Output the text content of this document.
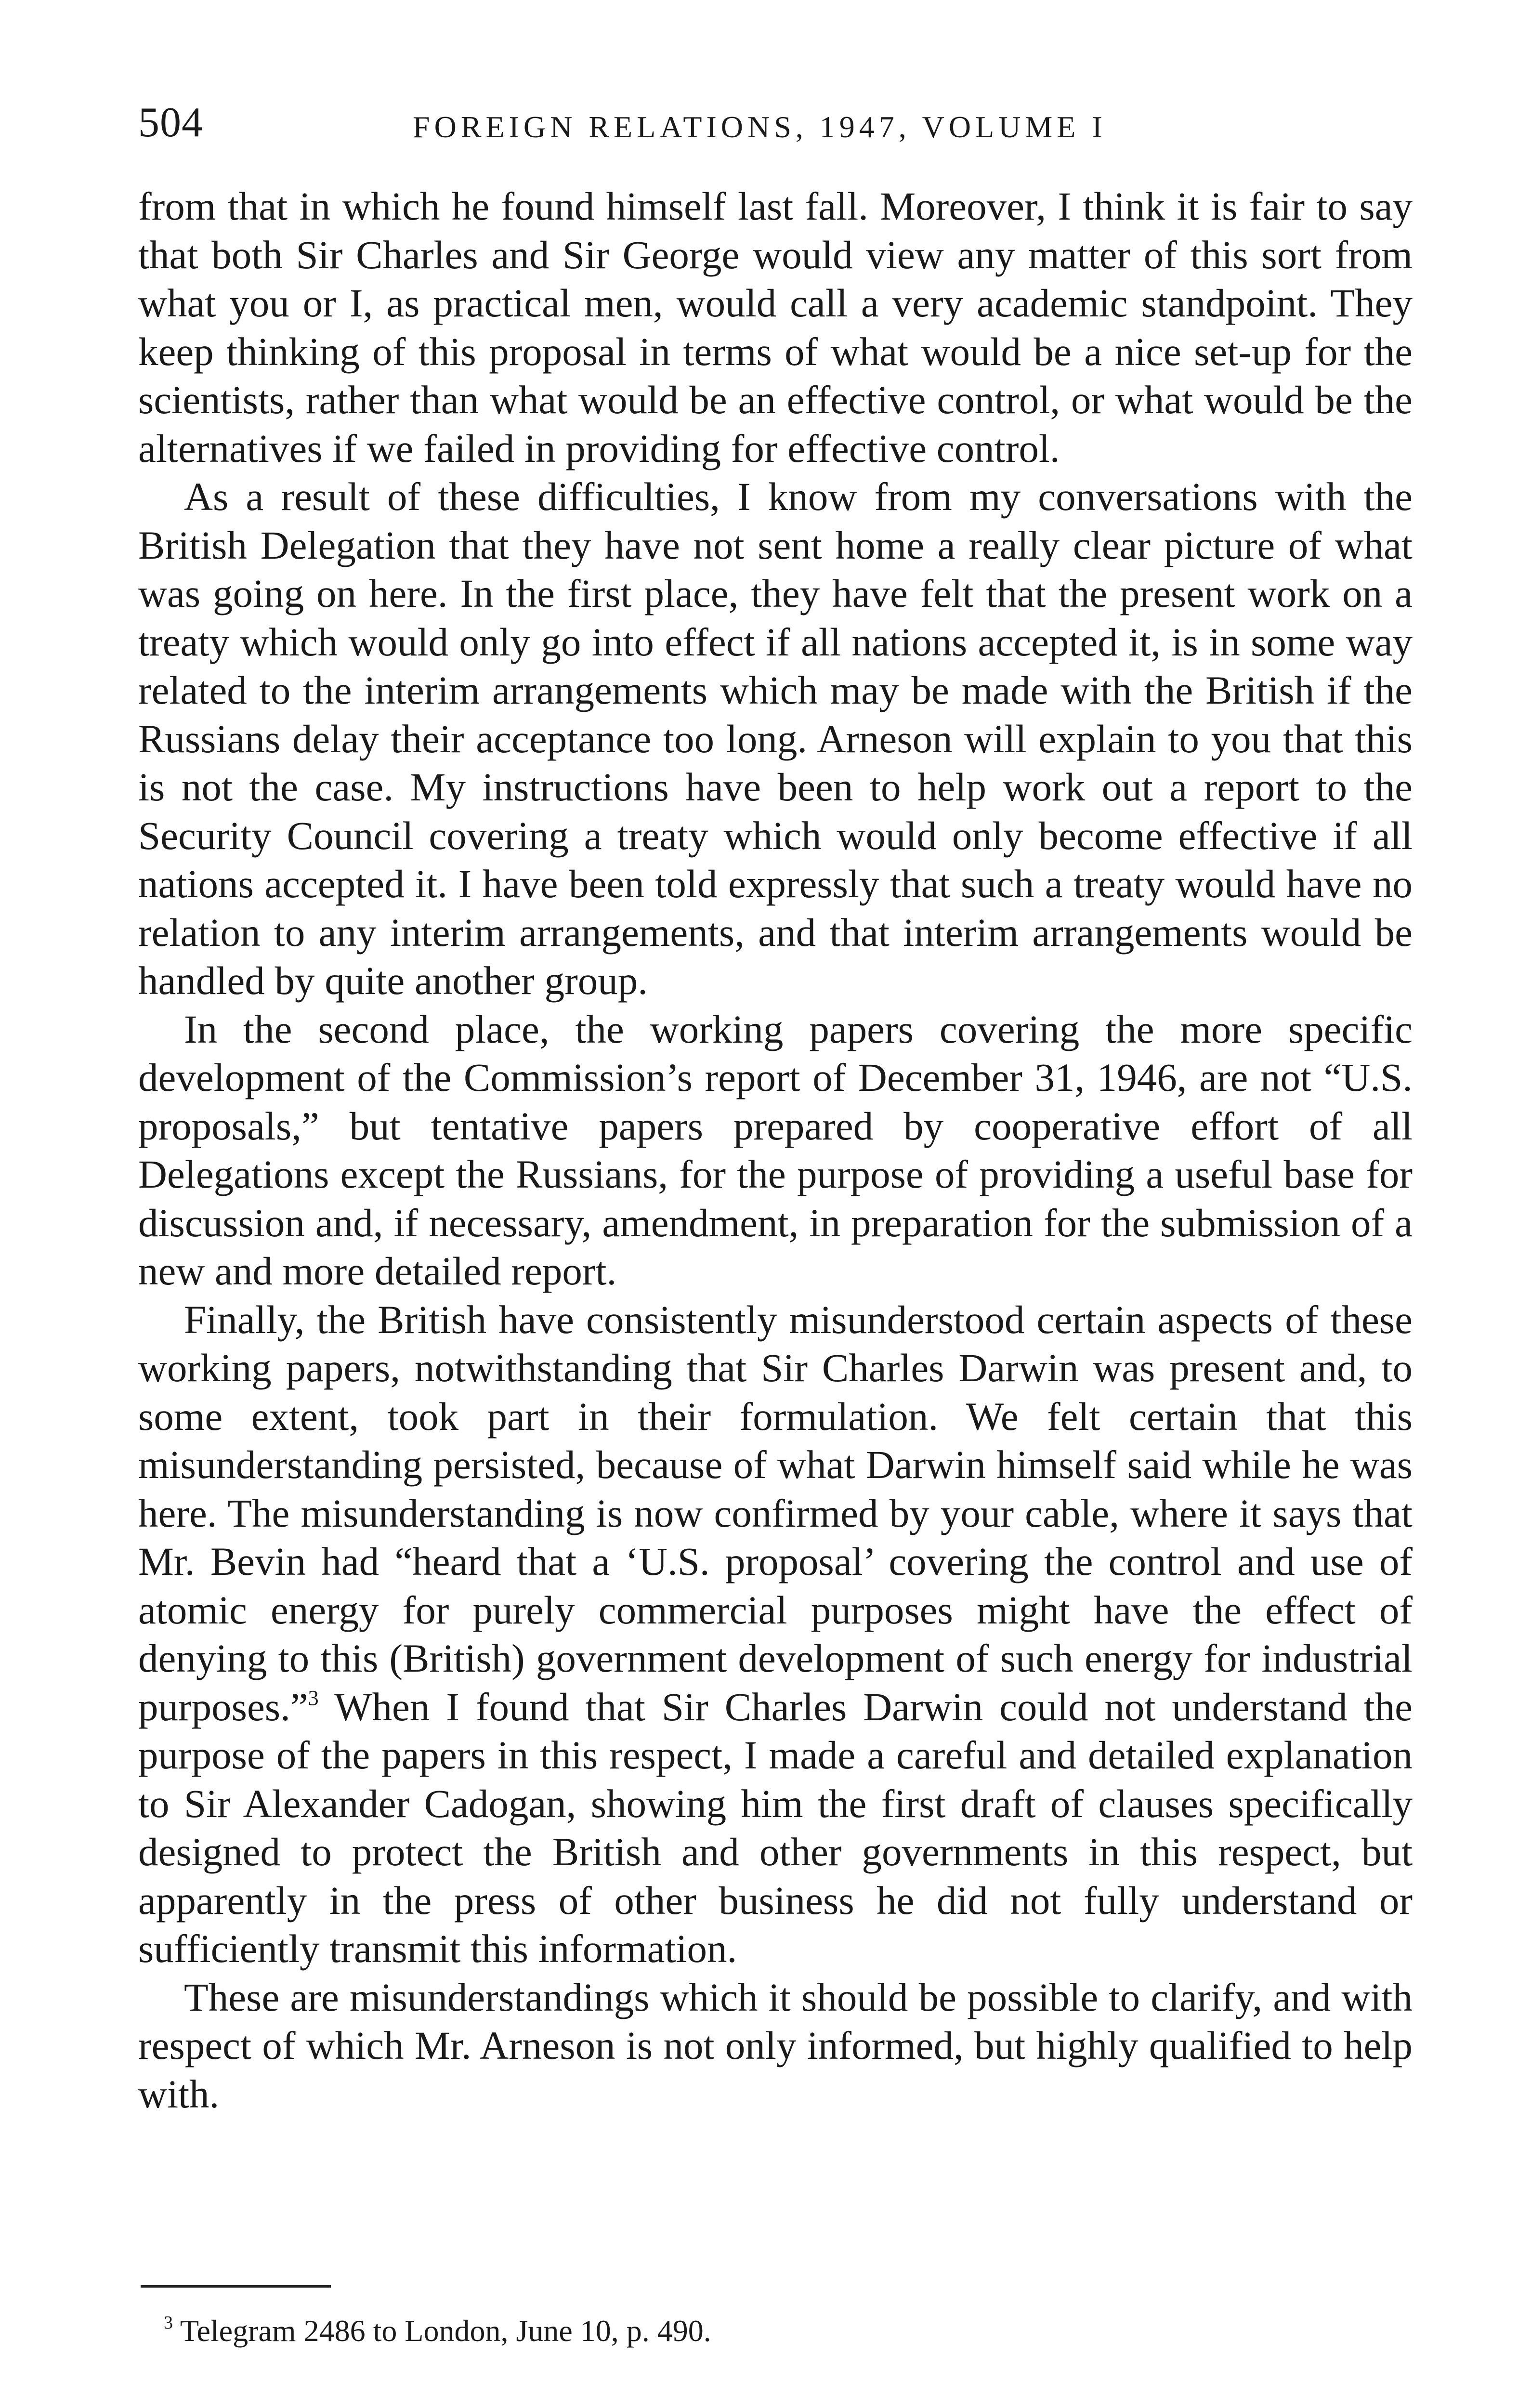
504	FOREIGN RELATIONS, 1947, VOLUME I

from that in which he found himself last fall. Moreover, I think it is fair to say that both Sir Charles and Sir George would view any matter of this sort from what you or I, as practical men, would call a very academic standpoint. They keep thinking of this proposal in terms of what would be a nice set-up for the scientists, rather than what would be an effective control, or what would be the alternatives if we failed in providing for effective control.

As a result of these difficulties, I know from my conversations with the British Delegation that they have not sent home a really clear picture of what was going on here. In the first place, they have felt that the present work on a treaty which would only go into effect if all nations accepted it, is in some way related to the interim arrangements which may be made with the British if the Russians delay their acceptance too long. Arneson will explain to you that this is not the case. My instructions have been to help work out a report to the Security Council covering a treaty which would only become effective if all nations accepted it. I have been told expressly that such a treaty would have no relation to any interim arrangements, and that interim arrangements would be handled by quite another group.

In the second place, the working papers covering the more specific development of the Commission’s report of December 31, 1946, are not “U.S. proposals,” but tentative papers prepared by cooperative effort of all Delegations except the Russians, for the purpose of providing a useful base for discussion and, if necessary, amendment, in preparation for the submission of a new and more detailed report.

Finally, the British have consistently misunderstood certain aspects of these working papers, notwithstanding that Sir Charles Darwin was present and, to some extent, took part in their formulation. We felt certain that this misunderstanding persisted, because of what Darwin himself said while he was here. The misunderstanding is now confirmed by your cable, where it says that Mr. Bevin had “heard that a ‘U.S. proposal’ covering the control and use of atomic energy for purely commercial purposes might have the effect of denying to this (British) government development of such energy for industrial purposes.”$^3$ When I found that Sir Charles Darwin could not understand the purpose of the papers in this respect, I made a careful and detailed explanation to Sir Alexander Cadogan, showing him the first draft of clauses specifically designed to protect the British and other governments in this respect, but apparently in the press of other business he did not fully understand or sufficiently transmit this information.

These are misunderstandings which it should be possible to clarify, and with respect of which Mr. Arneson is not only informed, but highly qualified to help with.

$^3$ Telegram 2486 to London, June 10, p. 490.
